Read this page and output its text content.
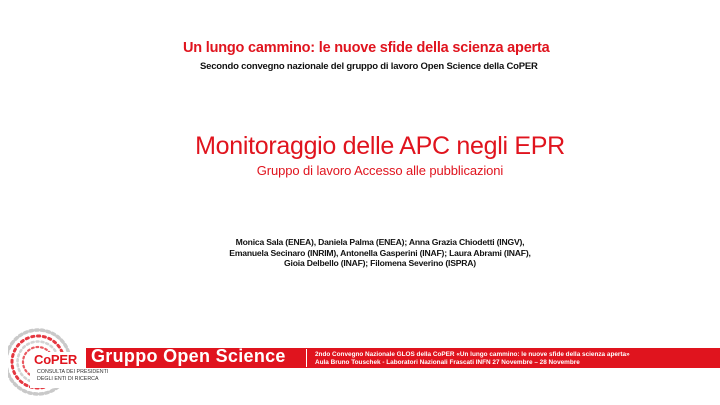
Un lungo cammino: le nuove sfide della scienza aperta
Secondo convegno nazionale del gruppo di lavoro Open Science della CoPER
Monitoraggio delle APC negli EPR
Gruppo di lavoro Accesso alle pubblicazioni
Monica Sala (ENEA), Daniela Palma (ENEA); Anna Grazia Chiodetti (INGV),
Emanuela Secinaro (INRIM), Antonella Gasperini (INAF); Laura Abrami (INAF),
Gioia Delbello (INAF); Filomena Severino (ISPRA)
CoPER
CONSULTA DEI PRESIDENTI
DEGLI ENTI DI RICERCA
Gruppo Open Science	2ndo Convegno Nazionale GLOS della CoPER «Un lungo cammino: le nuove sfide della scienza aperta»
Aula Bruno Touschek - Laboratori Nazionali Frascati INFN 27 Novembre – 28 Novembre
